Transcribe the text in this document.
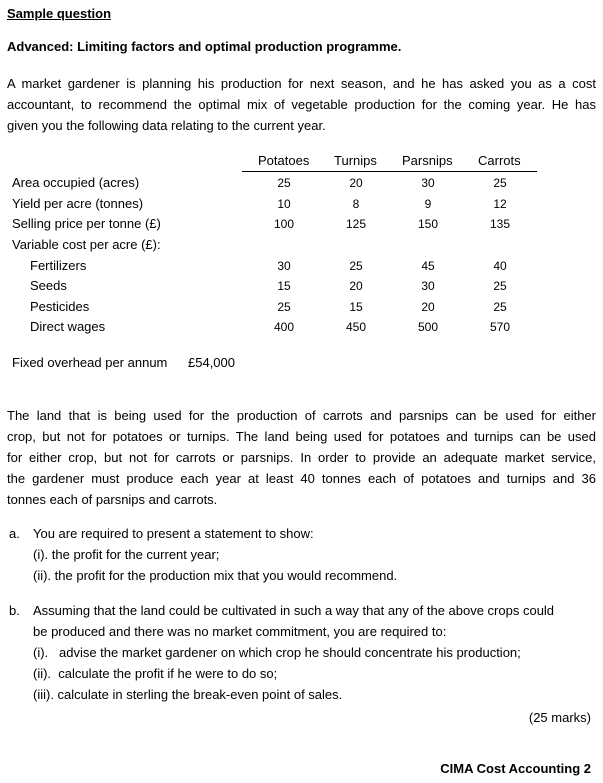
Sample question
Advanced: Limiting factors and optimal production programme.
A market gardener is planning his production for next season, and he has asked you as a cost
accountant, to recommend the optimal mix of vegetable production for the coming year. He has
given you the following data relating to the current year.
Potatoes Turnips Parsnips Carrots
Area occupied (acres)	25	20	30	25
Yield per acre (tonnes)	10	8	9	12
Selling price per tonne (£)	100	125	150	135
Variable cost per acre (£):
Fertilizers	30	25	45	40
Seeds	15	20	30	25
Pesticides	25	15	20	25
Direct wages	400	450	500	570
Fixed overhead per annum £54,000
The land that is being used for the production of carrots and parsnips can be used for either
crop, but not for potatoes or turnips. The land being used for potatoes and turnips can be used
for either crop, but not for carrots or parsnips. In order to provide an adequate market service,
the gardener must produce each year at least 40 tonnes each of potatoes and turnips and 36
tonnes each of parsnips and carrots.
a. You are required to present a statement to show:
(i). the profit for the current year;
(ii). the profit for the production mix that you would recommend.
b. Assuming that the land could be cultivated in such a way that any of the above crops could
be produced and there was no market commitment, you are required to:
(i).   advise the market gardener on which crop he should concentrate his production;
(ii).  calculate the profit if he were to do so;
(iii). calculate in sterling the break-even point of sales.
(25 marks)
CIMA Cost Accounting 2
